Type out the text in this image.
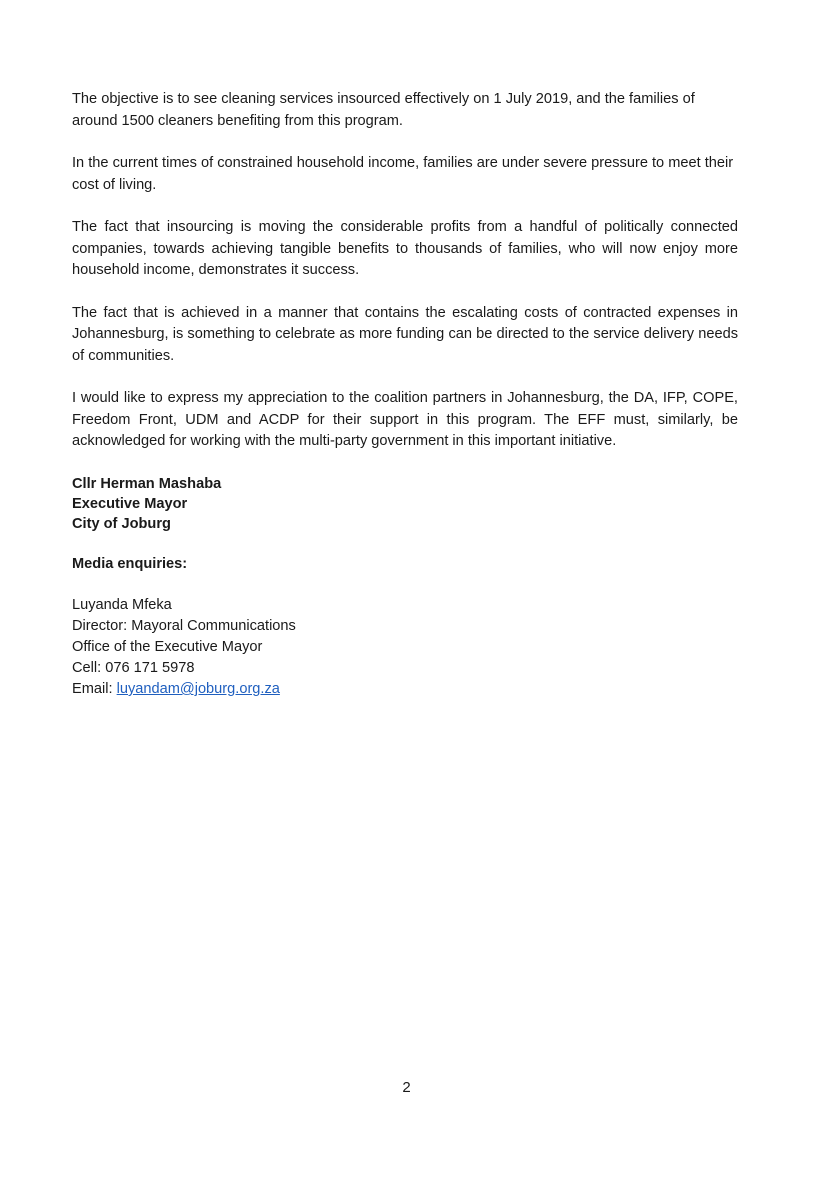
The objective is to see cleaning services insourced effectively on 1 July 2019, and the families of around 1500 cleaners benefiting from this program.

In the current times of constrained household income, families are under severe pressure to meet their cost of living.

The fact that insourcing is moving the considerable profits from a handful of politically connected companies, towards achieving tangible benefits to thousands of families, who will now enjoy more household income, demonstrates it success.

The fact that is achieved in a manner that contains the escalating costs of contracted expenses in Johannesburg, is something to celebrate as more funding can be directed to the service delivery needs of communities.

I would like to express my appreciation to the coalition partners in Johannesburg, the DA, IFP, COPE, Freedom Front, UDM and ACDP for their support in this program. The EFF must, similarly, be acknowledged for working with the multi-party government in this important initiative.

Cllr Herman Mashaba
Executive Mayor
City of Joburg
Media enquiries:
Luyanda Mfeka
Director: Mayoral Communications
Office of the Executive Mayor
Cell: 076 171 5978
Email: luyandam@joburg.org.za
2
